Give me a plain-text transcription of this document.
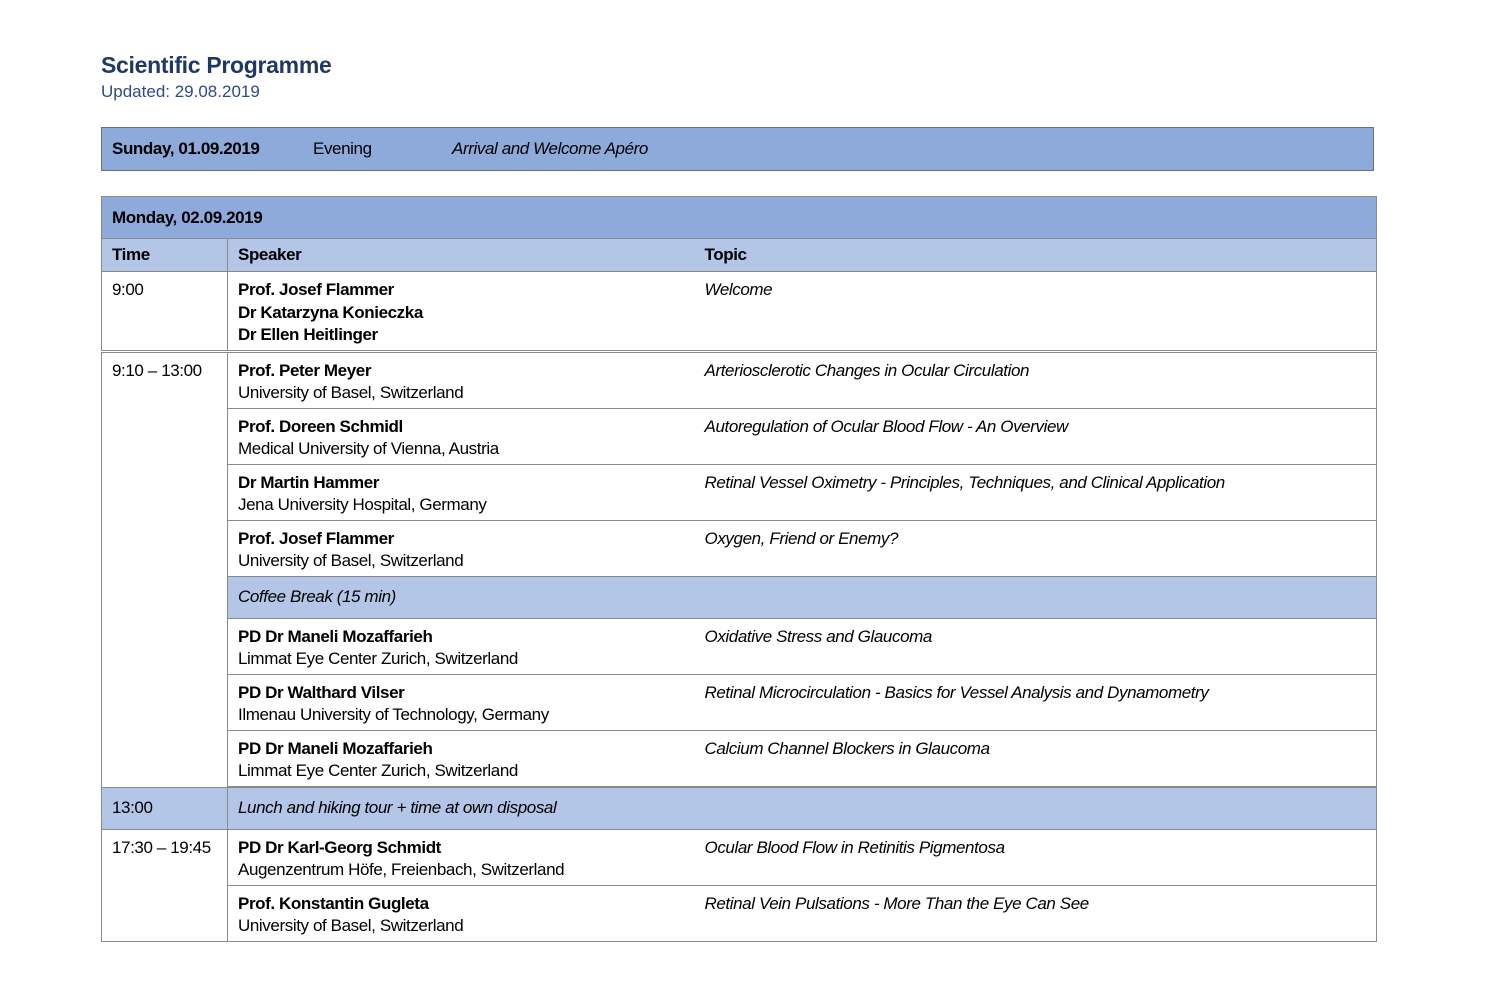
Scientific Programme

Updated: 29.08.2019

Sunday, 01.09.2019	Evening	Arrival and Welcome Apéro
Monday, 02.09.2019		
Time	Speaker	Topic
9:00	Prof. Josef Flammer
Dr Katarzyna Konieczka
Dr Ellen Heitlinger	Welcome
9:10 – 13:00	Prof. Peter Meyer
University of Basel, Switzerland	Arteriosclerotic Changes in Ocular Circulation

	Prof. Doreen Schmidl
Medical University of Vienna, Austria	Autoregulation of Ocular Blood Flow - An Overview

	Dr Martin Hammer
Jena University Hospital, Germany	Retinal Vessel Oximetry - Principles, Techniques, and Clinical Application

	Prof. Josef Flammer
University of Basel, Switzerland	Oxygen, Friend or Enemy?
	Coffee Break (15 min)	

	PD Dr Maneli Mozaffarieh
Limmat Eye Center Zurich, Switzerland	Oxidative Stress and Glaucoma

	PD Dr Walthard Vilser
Ilmenau University of Technology, Germany	Retinal Microcirculation - Basics for Vessel Analysis and Dynamometry

	PD Dr Maneli Mozaffarieh
Limmat Eye Center Zurich, Switzerland	Calcium Channel Blockers in Glaucoma

13:00	Lunch and hiking tour + time at own disposal	
17:30 – 19:45	PD Dr Karl-Georg Schmidt
Augenzentrum Höfe, Freienbach, Switzerland	Ocular Blood Flow in Retinitis Pigmentosa

	Prof. Konstantin Gugleta
University of Basel, Switzerland	Retinal Vein Pulsations - More Than the Eye Can See
